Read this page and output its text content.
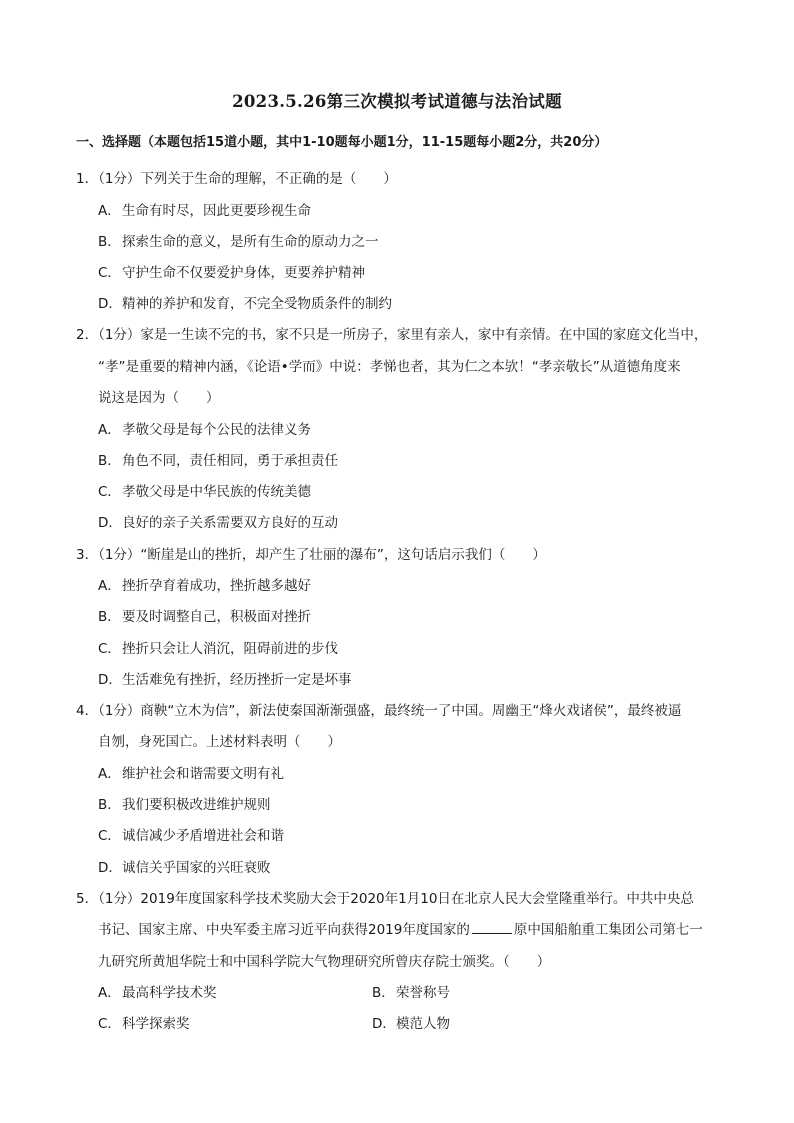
2023.5.26第三次模拟考试道德与法治试题
一、选择题（本题包括15道小题，其中1-10题每小题1分，11-15题每小题2分，共20分）
1．（1分）下列关于生命的理解，不正确的是（　　）
A．生命有时尽，因此更要珍视生命
B．探索生命的意义，是所有生命的原动力之一
C．守护生命不仅要爱护身体，更要养护精神
D．精神的养护和发育，不完全受物质条件的制约
2．（1分）家是一生读不完的书，家不只是一所房子，家里有亲人，家中有亲情。在中国的家庭文化当中，
“孝”是重要的精神内涵，《论语•学而》中说：孝悌也者，其为仁之本欤！“孝亲敬长”从道德角度来
说这是因为（　　）
A．孝敬父母是每个公民的法律义务
B．角色不同，责任相同，勇于承担责任
C．孝敬父母是中华民族的传统美德
D．良好的亲子关系需要双方良好的互动
3．（1分）“断崖是山的挫折，却产生了壮丽的瀑布”，这句话启示我们（　　）
A．挫折孕育着成功，挫折越多越好
B．要及时调整自己，积极面对挫折
C．挫折只会让人消沉，阻碍前进的步伐
D．生活难免有挫折，经历挫折一定是坏事
4．（1分）商鞅“立木为信”，新法使秦国渐渐强盛，最终统一了中国。周幽王“烽火戏诸侯”，最终被逼
自刎，身死国亡。上述材料表明（　　）
A．维护社会和谐需要文明有礼
B．我们要积极改进维护规则
C．诚信减少矛盾增进社会和谐
D．诚信关乎国家的兴旺衰败
5．（1分）2019年度国家科学技术奖励大会于2020年1月10日在北京人民大会堂隆重举行。中共中央总
书记、国家主席、中央军委主席习近平向获得2019年度国家的	原中国船舶重工集团公司第七一
九研究所黄旭华院士和中国科学院大气物理研究所曾庆存院士颁奖。（　　）
A．最高科学技术奖	B．荣誉称号
C．科学探索奖	D．模范人物
